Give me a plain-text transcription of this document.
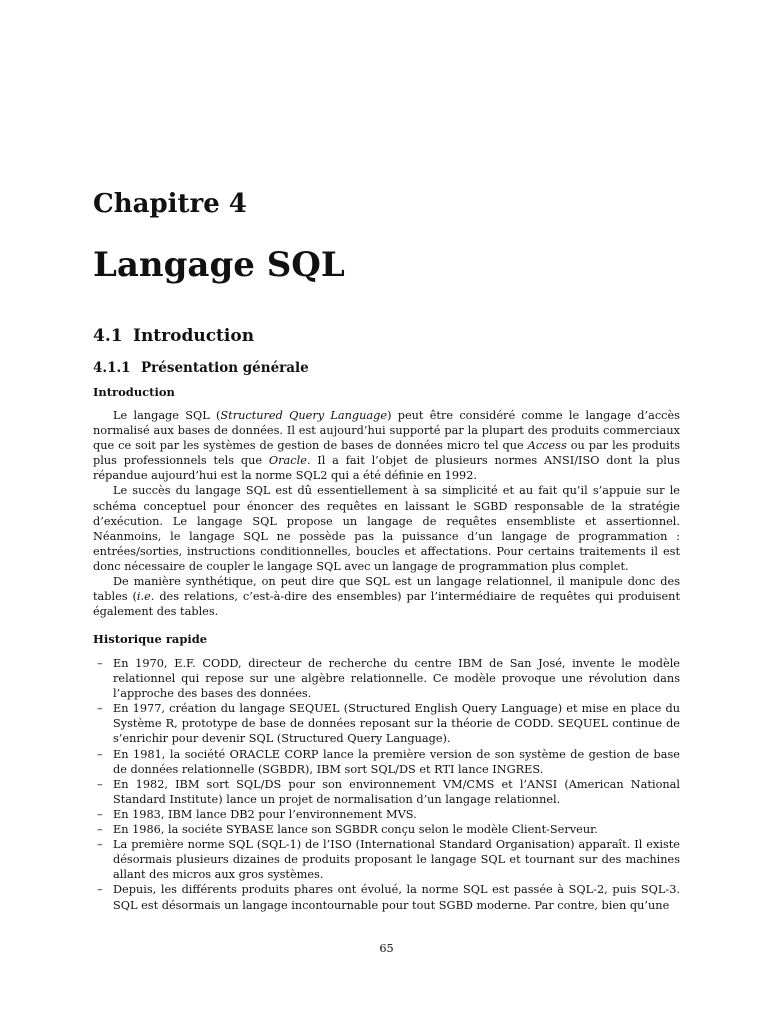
Chapitre 4
Langage SQL
4.1 Introduction
4.1.1 Présentation générale
Introduction

Le langage SQL (Structured Query Language) peut être considéré comme le langage d’accès normalisé aux bases de données. Il est aujourd’hui supporté par la plupart des produits commerciaux que ce soit par les systèmes de gestion de bases de données micro tel que Access ou par les produits plus professionnels tels que Oracle. Il a fait l’objet de plusieurs normes ANSI/ISO dont la plus répandue aujourd’hui est la norme SQL2 qui a été définie en 1992.

Le succès du langage SQL est dû essentiellement à sa simplicité et au fait qu’il s’appuie sur le schéma conceptuel pour énoncer des requêtes en laissant le SGBD responsable de la stratégie d’exécution. Le langage SQL propose un langage de requêtes ensembliste et assertionnel. Néanmoins, le langage SQL ne possède pas la puissance d’un langage de programmation : entrées/sorties, instructions conditionnelles, boucles et affectations. Pour certains traitements il est donc nécessaire de coupler le langage SQL avec un langage de programmation plus complet.

De manière synthétique, on peut dire que SQL est un langage relationnel, il manipule donc des tables (i.e. des relations, c’est-à-dire des ensembles) par l’intermédiaire de requêtes qui produisent également des tables.

Historique rapide
– En 1970, E.F. CODD, directeur de recherche du centre IBM de San José, invente le modèle relationnel qui repose sur une algèbre relationnelle. Ce modèle provoque une révolution dans l’approche des bases des données.
– En 1977, création du langage SEQUEL (Structured English Query Language) et mise en place du Système R, prototype de base de données reposant sur la théorie de CODD. SEQUEL continue de s’enrichir pour devenir SQL (Structured Query Language).
– En 1981, la société ORACLE CORP lance la première version de son système de gestion de base de données relationnelle (SGBDR), IBM sort SQL/DS et RTI lance INGRES.
– En 1982, IBM sort SQL/DS pour son environnement VM/CMS et l’ANSI (American National Standard Institute) lance un projet de normalisation d’un langage relationnel.
– En 1983, IBM lance DB2 pour l’environnement MVS.
– En 1986, la sociéte SYBASE lance son SGBDR conçu selon le modèle Client-Serveur.
– La première norme SQL (SQL-1) de l’ISO (International Standard Organisation) apparaît. Il existe désormais plusieurs dizaines de produits proposant le langage SQL et tournant sur des machines allant des micros aux gros systèmes.
– Depuis, les différents produits phares ont évolué, la norme SQL est passée à SQL-2, puis SQL-3. SQL est désormais un langage incontournable pour tout SGBD moderne. Par contre, bien qu’une
65
